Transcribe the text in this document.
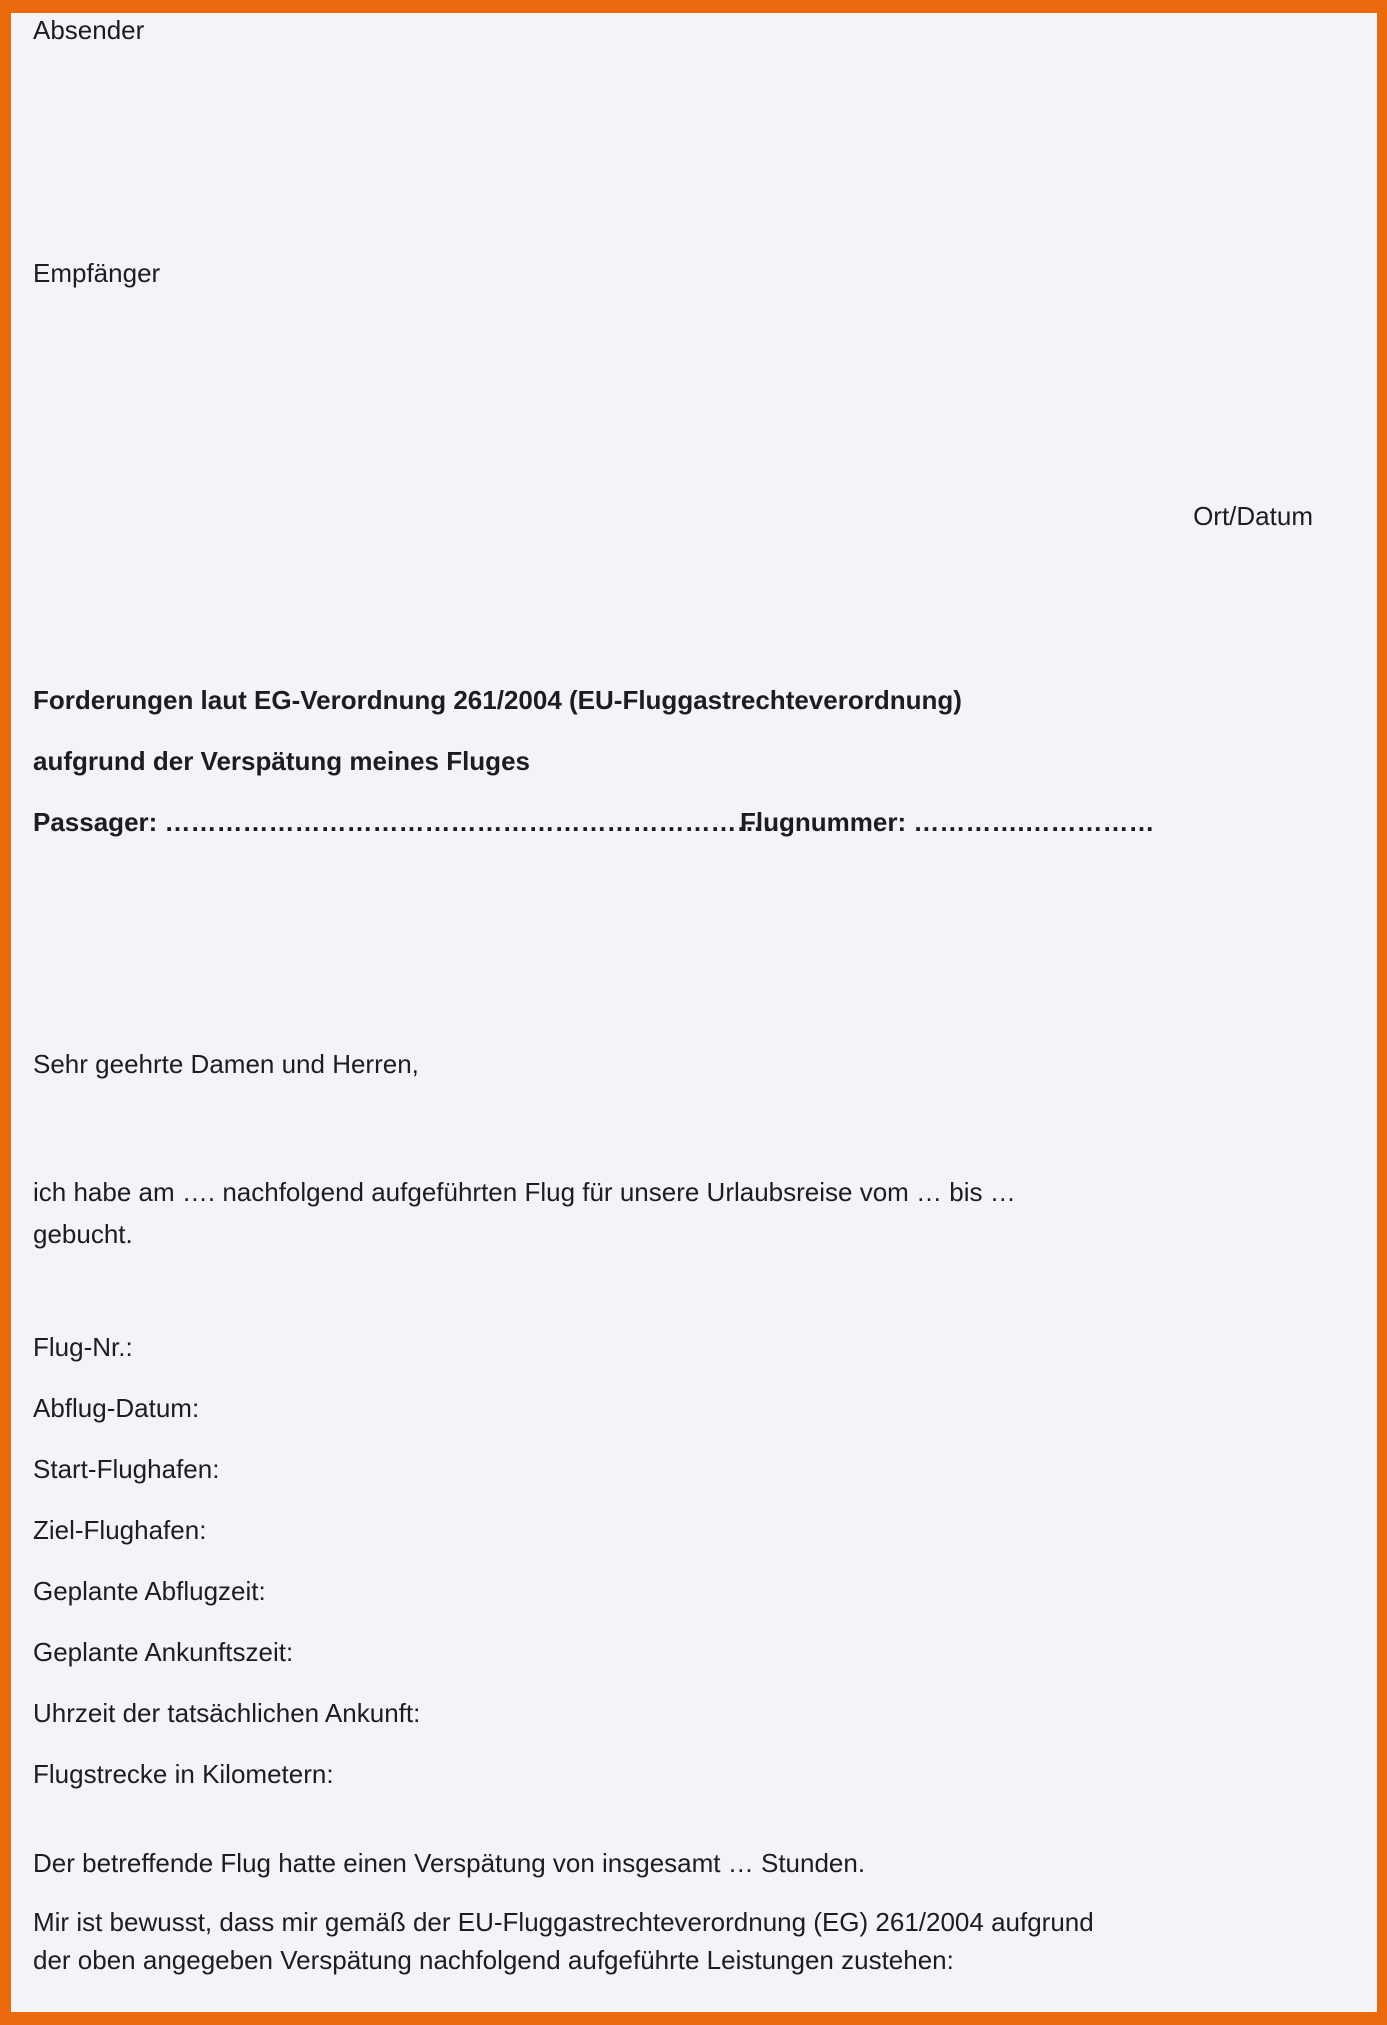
Absender
Empfänger
Ort/Datum
Forderungen laut EG-Verordnung 261/2004 (EU-Fluggastrechteverordnung)
aufgrund der Verspätung meines Fluges
Passager: ………………………………………………………………Flugnummer: ………….……………
Sehr geehrte Damen und Herren,
ich habe am …. nachfolgend aufgeführten Flug für unsere Urlaubsreise vom … bis …
gebucht.
Flug-Nr.:
Abflug-Datum:
Start-Flughafen:
Ziel-Flughafen:
Geplante Abflugzeit:
Geplante Ankunftszeit:
Uhrzeit der tatsächlichen Ankunft:
Flugstrecke in Kilometern:
Der betreffende Flug hatte einen Verspätung von insgesamt … Stunden.
Mir ist bewusst, dass mir gemäß der EU-Fluggastrechteverordnung (EG) 261/2004 aufgrund
der oben angegeben Verspätung nachfolgend aufgeführte Leistungen zustehen:
